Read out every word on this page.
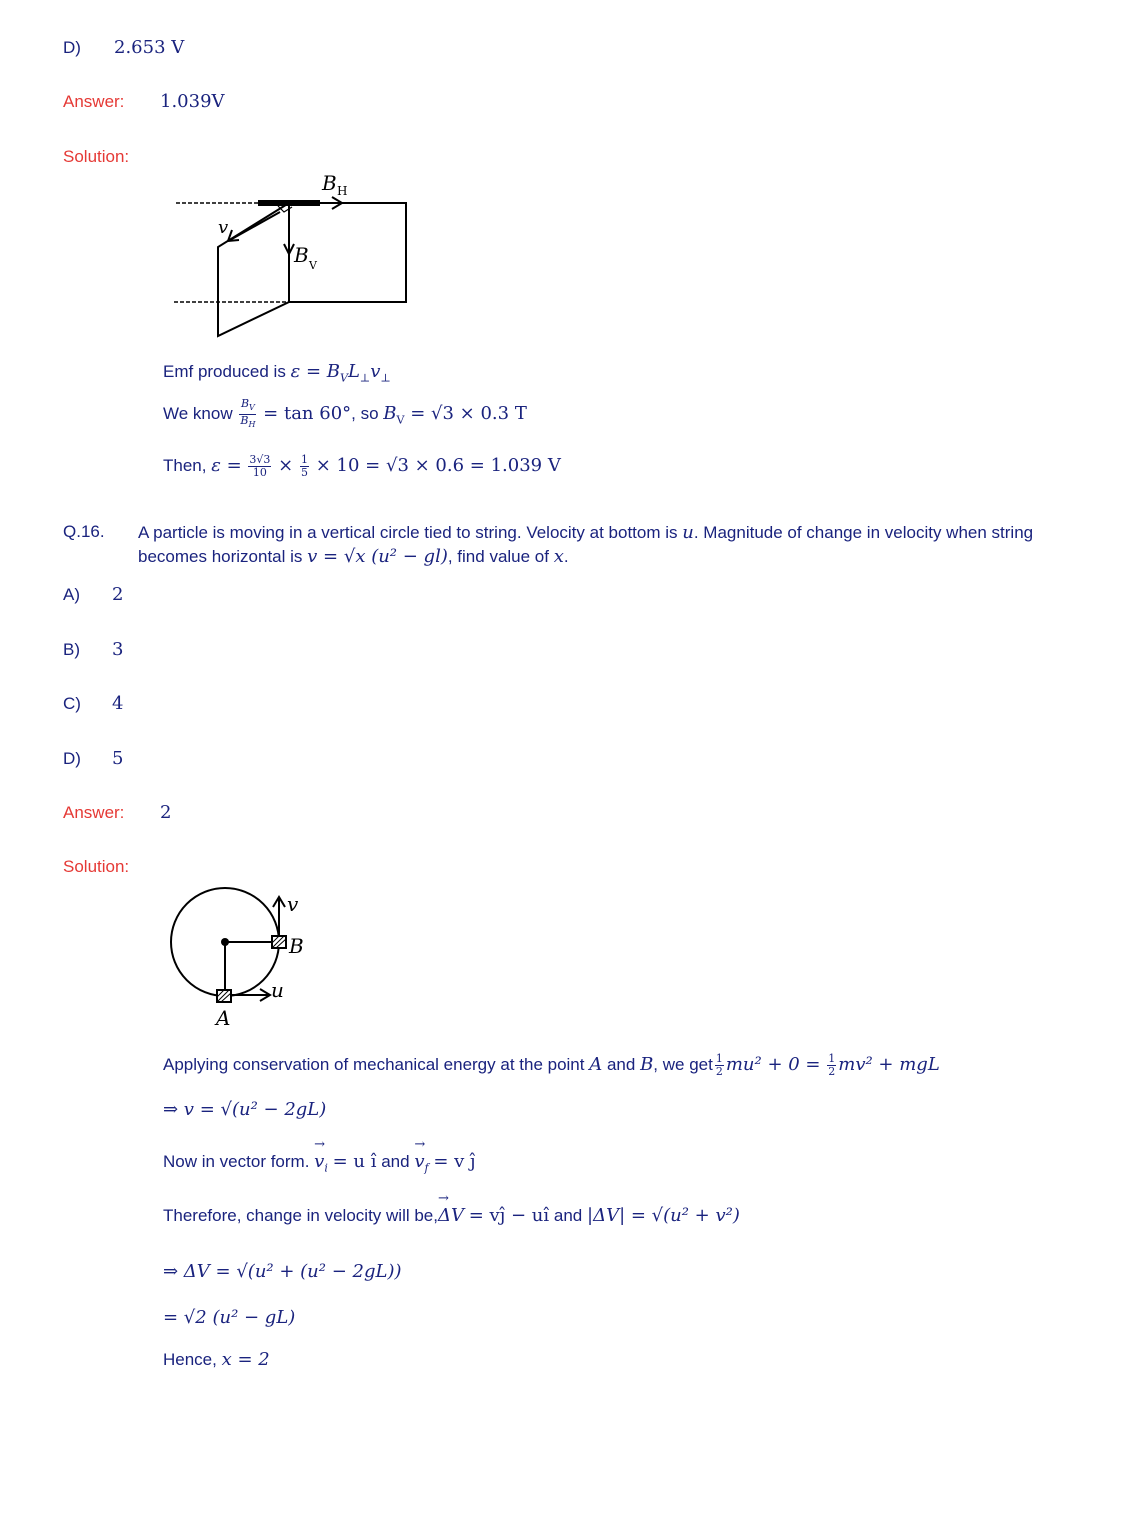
D) 2.653 V
Answer: 1.039V
Solution:
B H
B V
v
Emf produced is $\varepsilon = B_VL_\perp v_\perp$
We know $\frac{B_V}{B_H} = \tan 60^\circ$, so $B_V = √3 \times 0.3$ T
Then, $\varepsilon = \frac{3√3}{10} \times \frac{1}{5} \times 10 = √3 \times 0.6 = 1.039$ V
Q.16. A particle is moving in a vertical circle tied to string. Velocity at bottom is u. Magnitude of change in velocity when string
becomes horizontal is v = √x (u² − gl), find value of x.
A) 2
B) 3
C) 4
D) 5
Answer: 2
Solution:
v
B
u
A
Applying conservation of mechanical energy at the point A and B, we get $\frac{1}{2} mu^2 + 0 = \frac{1}{2} mv^2$ + mgL
⇒ v = √(u² − 2gL)
Now in vector form. → $v_i = u$ î and → $v_f = v$ ĵ
Therefore, change in velocity will be,→ ΔV = vĵ − uî and |ΔV| = √(u² + v²)
⇒ ΔV = √(u² + (u² − 2gL))
= √2 (u² − gL)
Hence, x = 2
